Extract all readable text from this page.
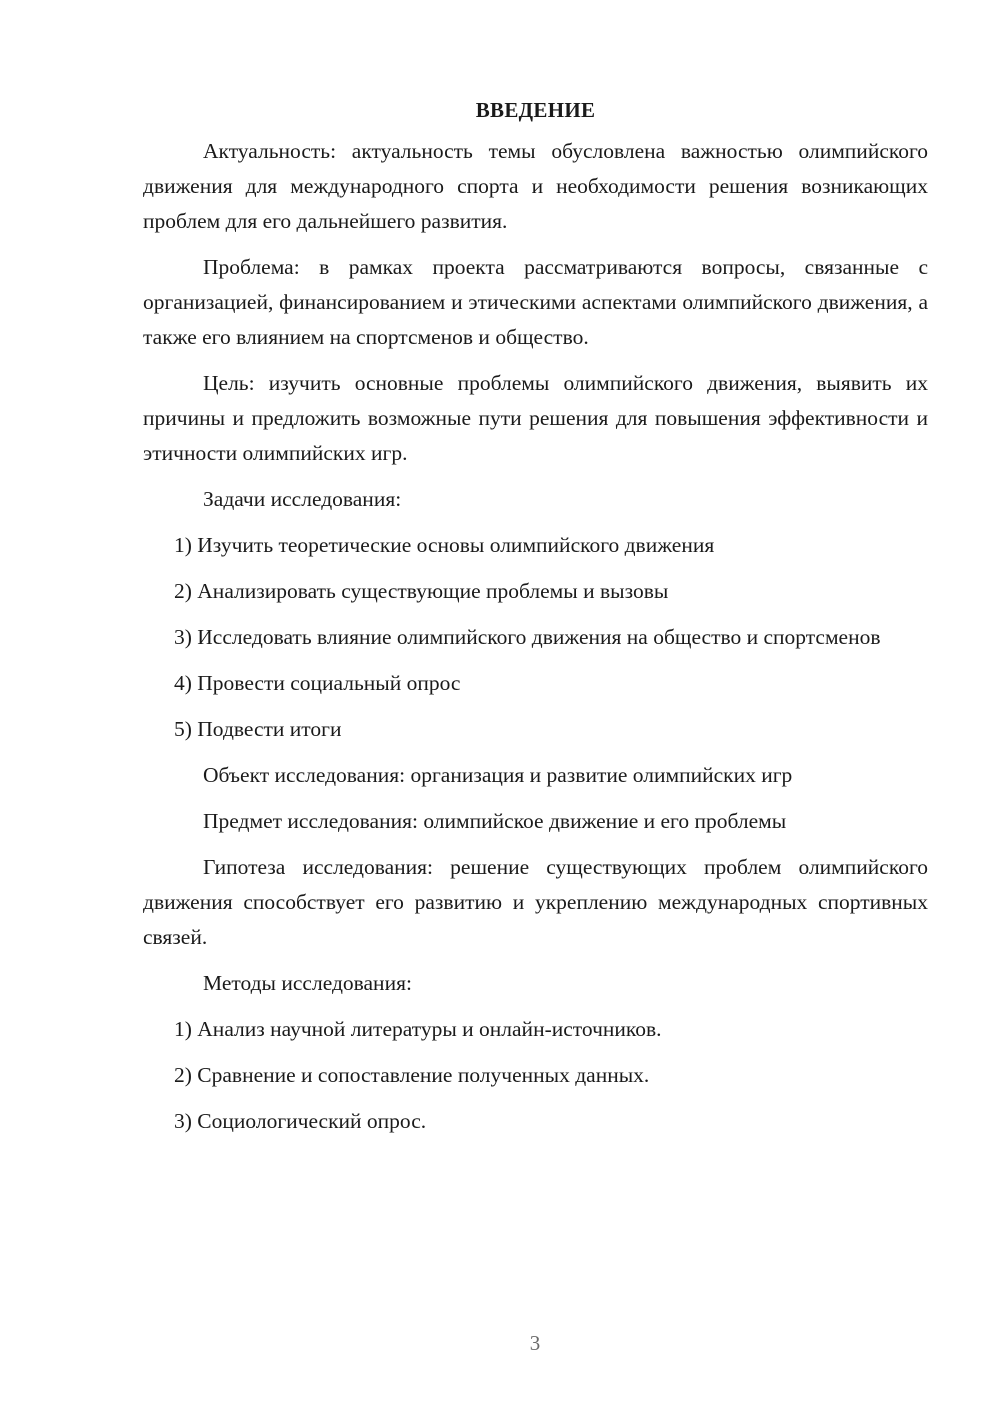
ВВЕДЕНИЕ

Актуальность: актуальность темы обусловлена важностью олимпийского движения для международного спорта и необходимости решения возникающих проблем для его дальнейшего развития.

Проблема: в рамках проекта рассматриваются вопросы, связанные с организацией, финансированием и этическими аспектами олимпийского движения, а также его влиянием на спортсменов и общество.

Цель: изучить основные проблемы олимпийского движения, выявить их причины и предложить возможные пути решения для повышения эффективности и этичности олимпийских игр.

Задачи исследования:

1) Изучить теоретические основы олимпийского движения

2) Анализировать существующие проблемы и вызовы

3) Исследовать влияние олимпийского движения на общество и спортсменов

4) Провести социальный опрос

5) Подвести итоги

Объект исследования: организация и развитие олимпийских игр

Предмет исследования: олимпийское движение и его проблемы

Гипотеза исследования: решение существующих проблем олимпийского движения способствует его развитию и укреплению международных спортивных связей.

Методы исследования:

1) Анализ научной литературы и онлайн-источников.

2) Сравнение и сопоставление полученных данных.

3) Социологический опрос.

3
